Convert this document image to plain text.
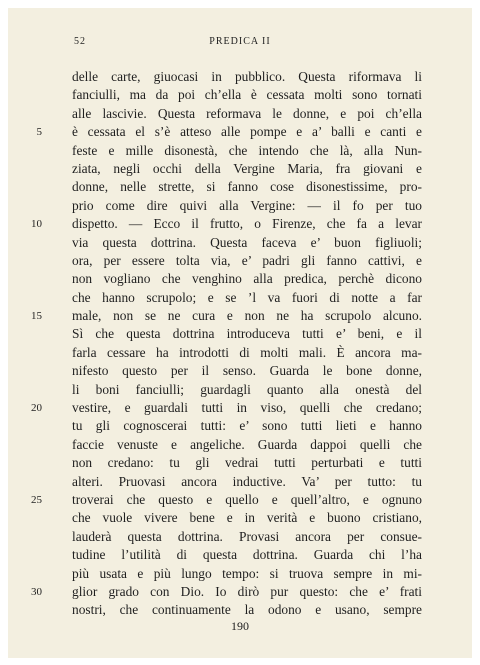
52	PREDICA II
delle carte, giuocasi in pubblico. Questa riformava li
fanciulli, ma da poi ch’ella è cessata molti sono tornati
alle lascivie. Questa reformava le donne, e poi ch’ella
5 è cessata el s’è atteso alle pompe e a’ balli e canti e
feste e mille disonestà, che intendo che là, alla Nun-
ziata, negli occhi della Vergine Maria, fra giovani e
donne, nelle strette, si fanno cose disonestissime, pro-
prio come dire quivi alla Vergine: — il fo per tuo
10 dispetto. — Ecco il frutto, o Firenze, che fa a levar
via questa dottrina. Questa faceva e’ buon figliuoli;
ora, per essere tolta via, e’ padri gli fanno cattivi, e
non vogliano che venghino alla predica, perchè dicono
che hanno scrupolo; e se ’l va fuori di notte a far
15 male, non se ne cura e non ne ha scrupolo alcuno.
Sì che questa dottrina introduceva tutti e’ beni, e il
farla cessare ha introdotti di molti mali. È ancora ma-
nifesto questo per il senso. Guarda le bone donne,
li boni fanciulli; guardagli quanto alla onestà del
20 vestire, e guardali tutti in viso, quelli che credano;
tu gli cognoscerai tutti: e’ sono tutti lieti e hanno
faccie venuste e angeliche. Guarda dappoi quelli che
non credano: tu gli vedrai tutti perturbati e tutti
alteri. Pruovasi ancora inductive. Va’ per tutto: tu
25 troverai che questo e quello e quell’altro, e ognuno
che vuole vivere bene e in verità e buono cristiano,
lauderà questa dottrina. Provasi ancora per consue-
tudine l’utilità di questa dottrina. Guarda chi l’ha
più usata e più lungo tempo: si truova sempre in mi-
30 glior grado con Dio. Io dirò pur questo: che e’ frati
nostri, che continuamente la odono e usano, sempre
190
